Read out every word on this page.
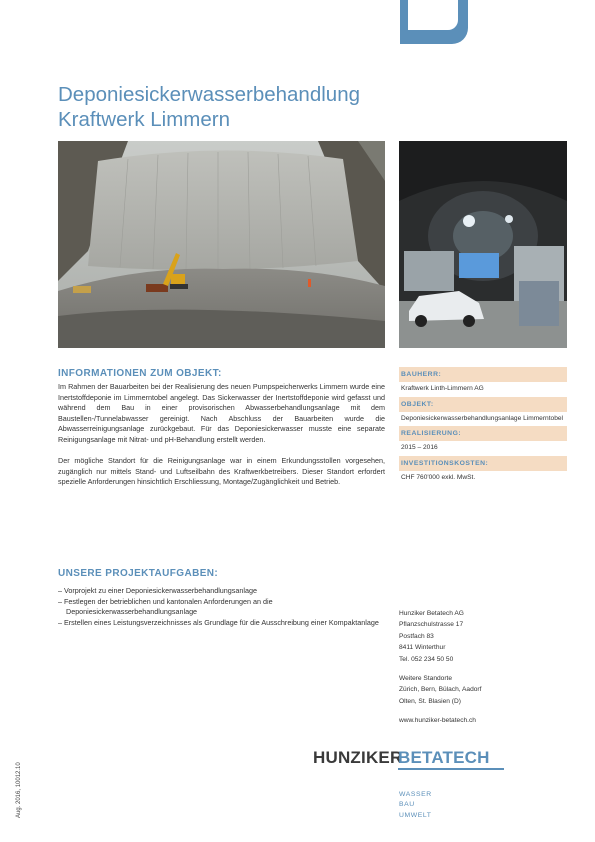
Deponiesickerwasserbehandlung
Kraftwerk Limmern
INFORMATIONEN ZUM OBJEKT:

Im Rahmen der Bauarbeiten bei der Realisierung des neuen Pumpspeicherwerks Limmern wurde eine Inertstoffdeponie im Limmerntobel angelegt. Das Sickerwasser der Inertstoffdeponie wird gefasst und während dem Bau in einer provisorischen Abwasserbehandlungsanlage mit dem Baustellen-/Tunnelabwasser gereinigt. Nach Abschluss der Bauarbeiten wurde die Abwasserreinigungsanlage zurückgebaut. Für das Deponiesickerwasser musste eine separate Reinigungsanlage mit Nitrat- und pH-Behandlung erstellt werden.

Der mögliche Standort für die Reinigungsanlage war in einem Erkundungsstollen vorgesehen, zugänglich nur mittels Stand- und Luftseilbahn des Kraftwerkbetreibers. Dieser Standort erfordert spezielle Anforderungen hinsichtlich Erschliessung, Montage/Zugänglichkeit und Betrieb.

UNSERE PROJEKTAUFGABEN:
– Vorprojekt zu einer Deponiesickerwasserbehandlungsanlage
– Festlegen der betrieblichen und kantonalen Anforderungen an die Deponiesickerwasserbehandlungsanlage
– Erstellen eines Leistungsverzeichnisses als Grundlage für die Ausschreibung einer Kompaktanlage
BAUHERR:
Kraftwerk Linth-Limmern AG
OBJEKT:
Deponiesickerwasserbehandlungsanlage Limmerntobel
REALISIERUNG:
2015 – 2016
INVESTITIONSKOSTEN:
CHF 760'000 exkl. MwSt.
Hunziker Betatech AG
Pflanzschulstrasse 17
Postfach 83
8411 Winterthur
Tel. 052 234 50 50
Weitere Standorte
Zürich, Bern, Bülach, Aadorf
Olten, St. Blasien (D)
www.hunziker-betatech.ch
HUNZIKER
BETATECH
WASSER
BAU
UMWELT
Aug. 2016, 10012.10
